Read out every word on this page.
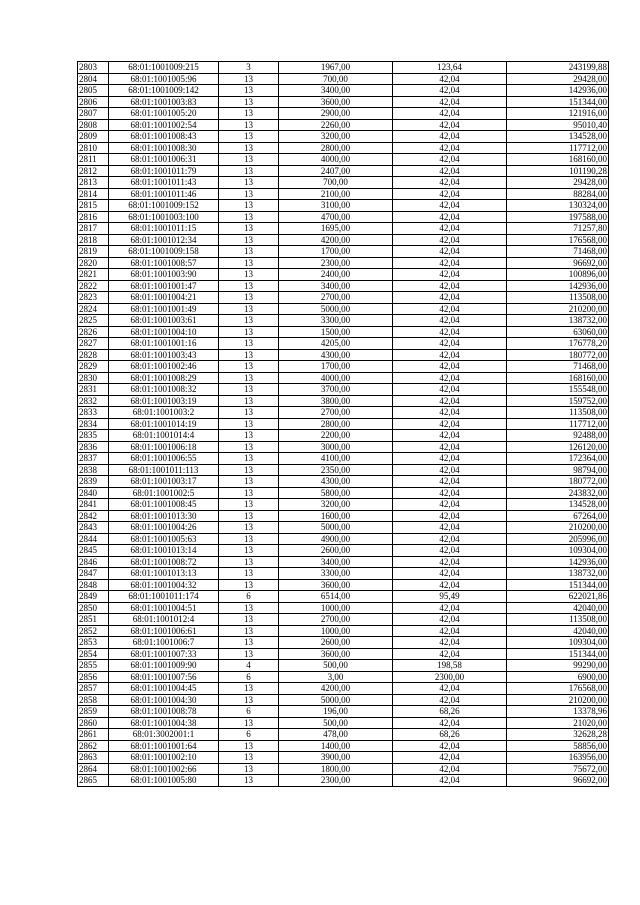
2803	68:01:1001009:215	3	1967,00	123,64	243199,88
2804	68:01:1001005:96	13	700,00	42,04	29428,00
2805	68:01:1001009:142	13	3400,00	42,04	142936,00
2806	68:01:1001003:83	13	3600,00	42,04	151344,00
2807	68:01:1001005:20	13	2900,00	42,04	121916,00
2808	68:01:1001002:54	13	2260,00	42,04	95010,40
2809	68:01:1001008:43	13	3200,00	42,04	134528,00
2810	68:01:1001008:30	13	2800,00	42,04	117712,00
2811	68:01:1001006:31	13	4000,00	42,04	168160,00
2812	68:01:1001011:79	13	2407,00	42,04	101190,28
2813	68:01:1001011:43	13	700,00	42,04	29428,00
2814	68:01:1001011:46	13	2100,00	42,04	88284,00
2815	68:01:1001009:152	13	3100,00	42,04	130324,00
2816	68:01:1001003:100	13	4700,00	42,04	197588,00
2817	68:01:1001011:15	13	1695,00	42,04	71257,80
2818	68:01:1001012:34	13	4200,00	42,04	176568,00
2819	68:01:1001009:158	13	1700,00	42,04	71468,00
2820	68:01:1001008:57	13	2300,00	42,04	96692,00
2821	68:01:1001003:90	13	2400,00	42,04	100896,00
2822	68:01:1001001:47	13	3400,00	42,04	142936,00
2823	68:01:1001004:21	13	2700,00	42,04	113508,00
2824	68:01:1001001:49	13	5000,00	42,04	210200,00
2825	68:01:1001003:61	13	3300,00	42,04	138732,00
2826	68:01:1001004:10	13	1500,00	42,04	63060,00
2827	68:01:1001001:16	13	4205,00	42,04	176778,20
2828	68:01:1001003:43	13	4300,00	42,04	180772,00
2829	68:01:1001002:46	13	1700,00	42,04	71468,00
2830	68:01:1001008:29	13	4000,00	42,04	168160,00
2831	68:01:1001008:32	13	3700,00	42,04	155548,00
2832	68:01:1001003:19	13	3800,00	42,04	159752,00
2833	68:01:1001003:2	13	2700,00	42,04	113508,00
2834	68:01:1001014:19	13	2800,00	42,04	117712,00
2835	68:01:1001014:4	13	2200,00	42,04	92488,00
2836	68:01:1001006:18	13	3000,00	42,04	126120,00
2837	68:01:1001006:55	13	4100,00	42,04	172364,00
2838	68:01:1001011:113	13	2350,00	42,04	98794,00
2839	68:01:1001003:17	13	4300,00	42,04	180772,00
2840	68:01:1001002:5	13	5800,00	42,04	243832,00
2841	68:01:1001008:45	13	3200,00	42,04	134528,00
2842	68:01:1001013:30	13	1600,00	42,04	67264,00
2843	68:01:1001004:26	13	5000,00	42,04	210200,00
2844	68:01:1001005:63	13	4900,00	42,04	205996,00
2845	68:01:1001013:14	13	2600,00	42,04	109304,00
2846	68:01:1001008:72	13	3400,00	42,04	142936,00
2847	68:01:1001013:13	13	3300,00	42,04	138732,00
2848	68:01:1001004:32	13	3600,00	42,04	151344,00
2849	68:01:1001011:174	6	6514,00	95,49	622021,86
2850	68:01:1001004:51	13	1000,00	42,04	42040,00
2851	68:01:1001012:4	13	2700,00	42,04	113508,00
2852	68:01:1001006:61	13	1000,00	42,04	42040,00
2853	68:01:1001006:7	13	2600,00	42,04	109304,00
2854	68:01:1001007:33	13	3600,00	42,04	151344,00
2855	68:01:1001009:90	4	500,00	198,58	99290,00
2856	68:01:1001007:56	6	3,00	2300,00	6900,00
2857	68:01:1001004:45	13	4200,00	42,04	176568,00
2858	68:01:1001004:30	13	5000,00	42,04	210200,00
2859	68:01:1001008:78	6	196,00	68,26	13378,96
2860	68:01:1001004:38	13	500,00	42,04	21020,00
2861	68:01:3002001:1	6	478,00	68,26	32628,28
2862	68:01:1001001:64	13	1400,00	42,04	58856,00
2863	68:01:1001002:10	13	3900,00	42,04	163956,00
2864	68:01:1001002:66	13	1800,00	42,04	75672,00
2865	68:01:1001005:80	13	2300,00	42,04	96692,00
